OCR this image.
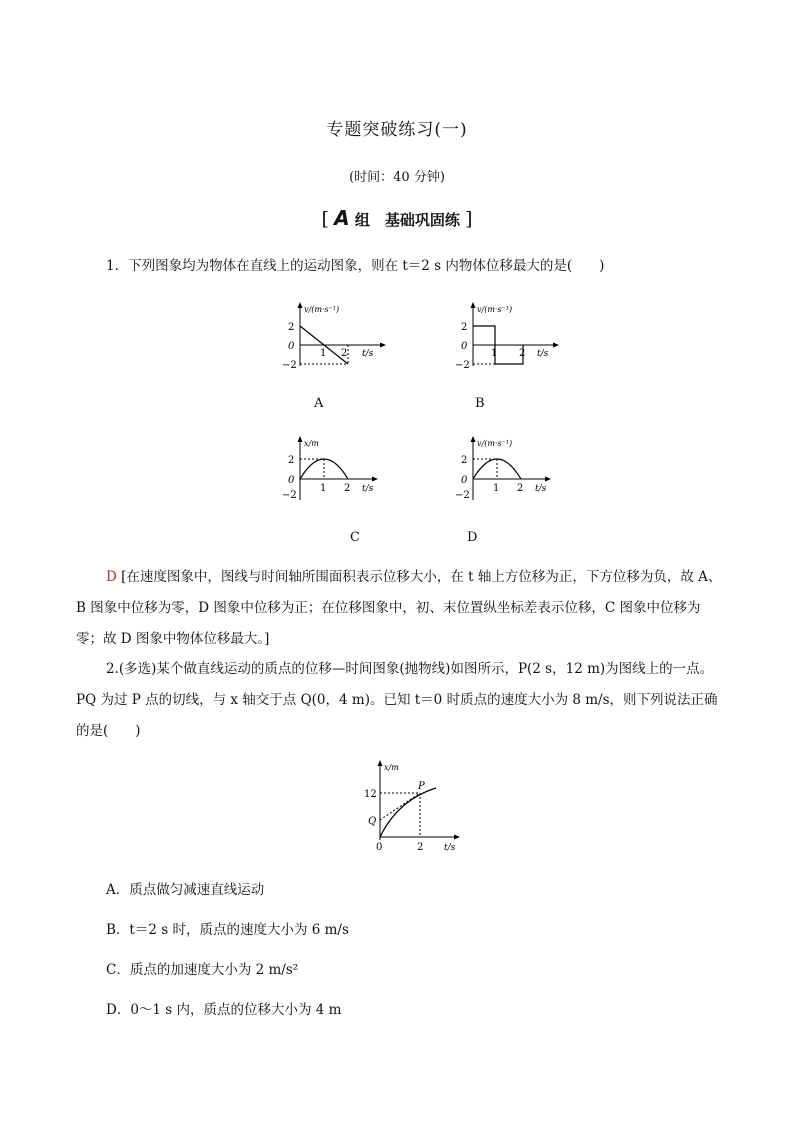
专题突破练习(一)
(时间：40 分钟)
[ A 组　基础巩固练 ]
1．下列图象均为物体在直线上的运动图象，则在 t＝2 s 内物体位移最大的是(　　)
v/(m·s⁻¹)
2
0
−2
1 2 t/s
A
v/(m·s⁻¹)
2
0
−2
1 2 t/s
B
x/m
2
0
−2
1 2 t/s
C
v/(m·s⁻¹)
2
0
−2
1 2 t/s
D
D [在速度图象中，图线与时间轴所围面积表示位移大小，在 t 轴上方位移为正，下方位移为负，故 A、B 图象中位移为零，D 图象中位移为正；在位移图象中，初、末位置纵坐标差表示位移，C 图象中位移为零；故 D 图象中物体位移最大。]
2.(多选)某个做直线运动的质点的位移—时间图象(抛物线)如图所示，P(2 s，12 m)为图线上的一点。PQ 为过 P 点的切线，与 x 轴交于点 Q(0，4 m)。已知 t＝0 时质点的速度大小为 8 m/s，则下列说法正确的是(　　)
x/m
12
Q
P
0	2 t/s
A．质点做匀减速直线运动
B．t＝2 s 时，质点的速度大小为 6 m/s
C．质点的加速度大小为 2 m/s²
D．0～1 s 内，质点的位移大小为 4 m
